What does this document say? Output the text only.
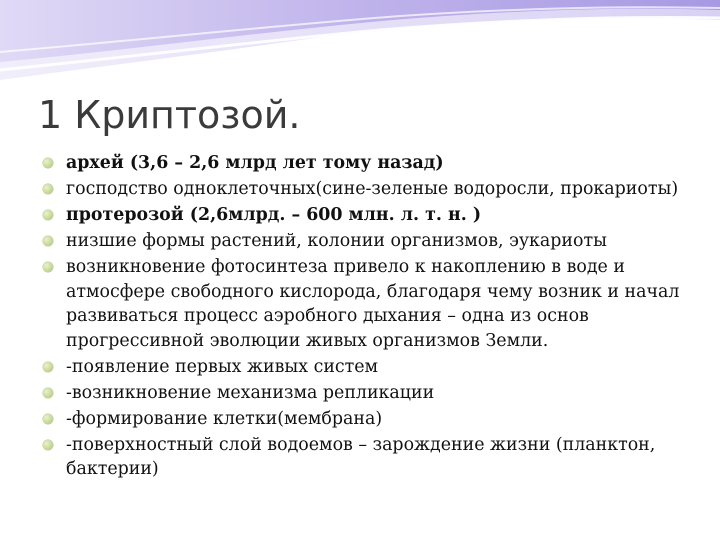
1 Криптозой.
архей (3,6 – 2,6 млрд лет тому назад)
господство одноклеточных(сине-зеленые водоросли, прокариоты)
протерозой (2,6млрд. – 600 млн. л. т. н. )
низшие формы растений, колонии организмов, эукариоты
возникновение фотосинтеза привело к накоплению в воде и атмосфере свободного кислорода, благодаря чему возник и начал развиваться процесс аэробного дыхания – одна из основ прогрессивной эволюции живых организмов Земли.
-появление первых живых систем
-возникновение механизма репликации
-формирование клетки(мембрана)
-поверхностный слой водоемов – зарождение жизни (планктон, бактерии)
